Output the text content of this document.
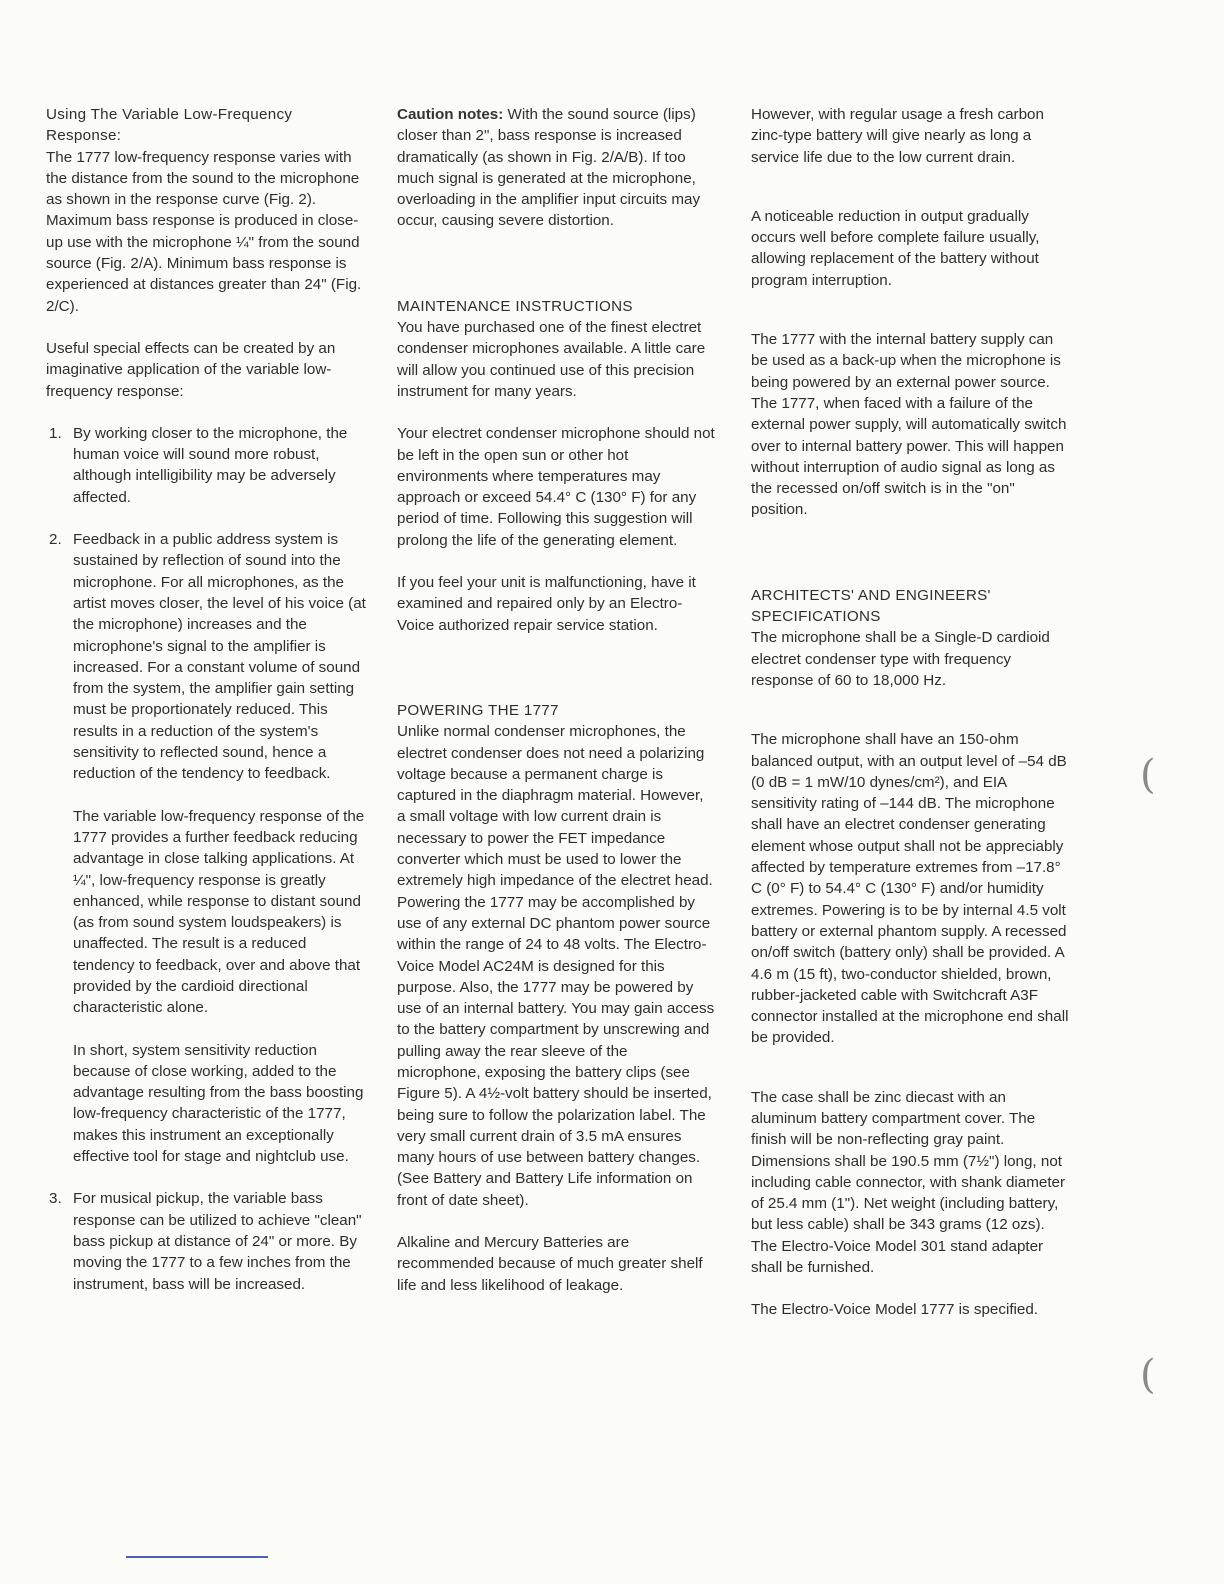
Using The Variable Low-Frequency Response:

The 1777 low-frequency response varies with the distance from the sound to the microphone as shown in the response curve (Fig. 2). Maximum bass response is produced in close-up use with the microphone ¼" from the sound source (Fig. 2/A). Minimum bass response is experienced at distances greater than 24" (Fig. 2/C).

Useful special effects can be created by an imaginative application of the variable low-frequency response:

1. By working closer to the microphone, the human voice will sound more robust, although intelligibility may be adversely affected.

2. Feedback in a public address system is sustained by reflection of sound into the microphone. For all microphones, as the artist moves closer, the level of his voice (at the microphone) increases and the microphone's signal to the amplifier is increased. For a constant volume of sound from the system, the amplifier gain setting must be proportionately reduced. This results in a reduction of the system's sensitivity to reflected sound, hence a reduction of the tendency to feedback.

The variable low-frequency response of the 1777 provides a further feedback reducing advantage in close talking applications. At ¼", low-frequency response is greatly enhanced, while response to distant sound (as from sound system loudspeakers) is unaffected. The result is a reduced tendency to feedback, over and above that provided by the cardioid directional characteristic alone.

In short, system sensitivity reduction because of close working, added to the advantage resulting from the bass boosting low-frequency characteristic of the 1777, makes this instrument an exceptionally effective tool for stage and nightclub use.

3. For musical pickup, the variable bass response can be utilized to achieve "clean" bass pickup at distance of 24" or more. By moving the 1777 to a few inches from the instrument, bass will be increased.

Caution notes: With the sound source (lips) closer than 2", bass response is increased dramatically (as shown in Fig. 2/A/B). If too much signal is generated at the microphone, overloading in the amplifier input circuits may occur, causing severe distortion.

MAINTENANCE INSTRUCTIONS

You have purchased one of the finest electret condenser microphones available. A little care will allow you continued use of this precision instrument for many years.

Your electret condenser microphone should not be left in the open sun or other hot environments where temperatures may approach or exceed 54.4° C (130° F) for any period of time. Following this suggestion will prolong the life of the generating element.

If you feel your unit is malfunctioning, have it examined and repaired only by an Electro-Voice authorized repair service station.

POWERING THE 1777

Unlike normal condenser microphones, the electret condenser does not need a polarizing voltage because a permanent charge is captured in the diaphragm material. However, a small voltage with low current drain is necessary to power the FET impedance converter which must be used to lower the extremely high impedance of the electret head. Powering the 1777 may be accomplished by use of any external DC phantom power source within the range of 24 to 48 volts. The Electro-Voice Model AC24M is designed for this purpose. Also, the 1777 may be powered by use of an internal battery. You may gain access to the battery compartment by unscrewing and pulling away the rear sleeve of the microphone, exposing the battery clips (see Figure 5). A 4½-volt battery should be inserted, being sure to follow the polarization label. The very small current drain of 3.5 mA ensures many hours of use between battery changes. (See Battery and Battery Life information on front of date sheet).

Alkaline and Mercury Batteries are recommended because of much greater shelf life and less likelihood of leakage.

However, with regular usage a fresh carbon zinc-type battery will give nearly as long a service life due to the low current drain.

A noticeable reduction in output gradually occurs well before complete failure usually, allowing replacement of the battery without program interruption.

The 1777 with the internal battery supply can be used as a back-up when the microphone is being powered by an external power source. The 1777, when faced with a failure of the external power supply, will automatically switch over to internal battery power. This will happen without interruption of audio signal as long as the recessed on/off switch is in the "on" position.

ARCHITECTS' AND ENGINEERS' SPECIFICATIONS

The microphone shall be a Single-D cardioid electret condenser type with frequency response of 60 to 18,000 Hz.

The microphone shall have an 150-ohm balanced output, with an output level of –54 dB (0 dB = 1 mW/10 dynes/cm²), and EIA sensitivity rating of –144 dB. The microphone shall have an electret condenser generating element whose output shall not be appreciably affected by temperature extremes from –17.8° C (0° F) to 54.4° C (130° F) and/or humidity extremes. Powering is to be by internal 4.5 volt battery or external phantom supply. A recessed on/off switch (battery only) shall be provided. A 4.6 m (15 ft), two-conductor shielded, brown, rubber-jacketed cable with Switchcraft A3F connector installed at the microphone end shall be provided.

The case shall be zinc diecast with an aluminum battery compartment cover. The finish will be non-reflecting gray paint. Dimensions shall be 190.5 mm (7½") long, not including cable connector, with shank diameter of 25.4 mm (1"). Net weight (including battery, but less cable) shall be 343 grams (12 ozs). The Electro-Voice Model 301 stand adapter shall be furnished.

The Electro-Voice Model 1777 is specified.

(
(
